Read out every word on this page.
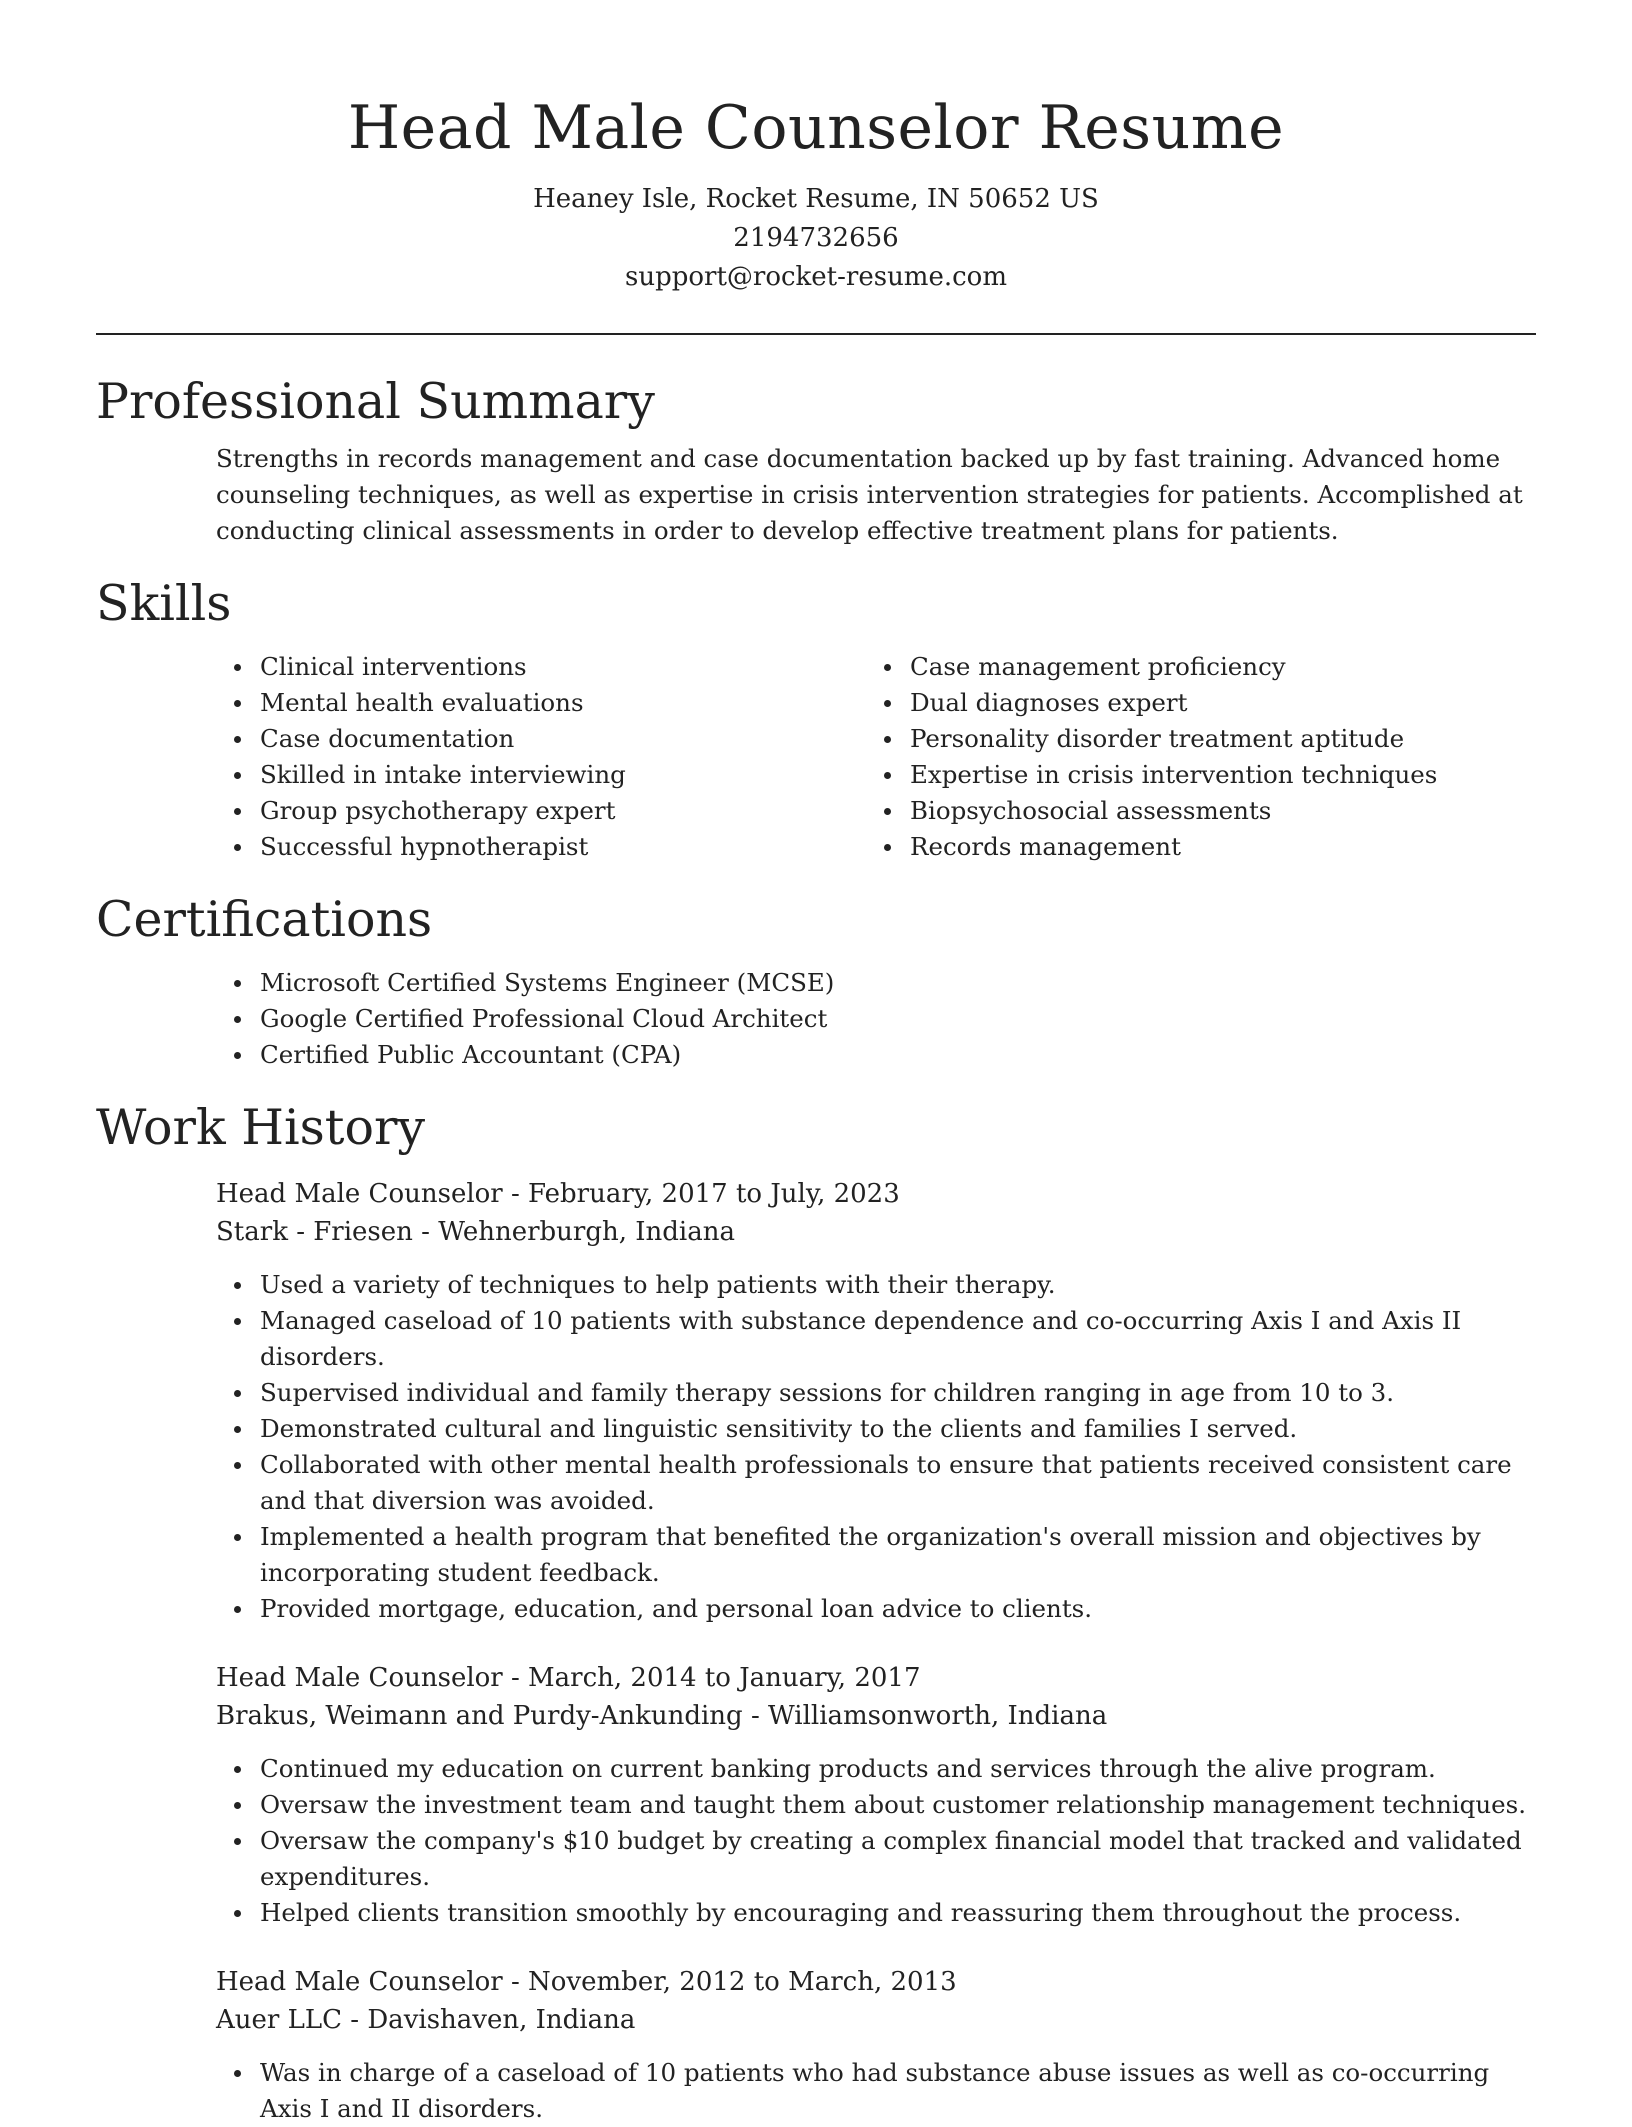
Head Male Counselor Resume

Heaney Isle, Rocket Resume, IN 50652 US

2194732656

support@rocket-resume.com

Professional Summary

Strengths in records management and case documentation backed up by fast training. Advanced home counseling techniques, as well as expertise in crisis intervention strategies for patients. Accomplished at conducting clinical assessments in order to develop effective treatment plans for patients.

Skills
Clinical interventions
Mental health evaluations
Case documentation
Skilled in intake interviewing
Group psychotherapy expert
Successful hypnotherapist
Case management proficiency
Dual diagnoses expert
Personality disorder treatment aptitude
Expertise in crisis intervention techniques
Biopsychosocial assessments
Records management
Certifications
Microsoft Certified Systems Engineer (MCSE)
Google Certified Professional Cloud Architect
Certified Public Accountant (CPA)
Work History

Head Male Counselor - February, 2017 to July, 2023

Stark - Friesen - Wehnerburgh, Indiana

Used a variety of techniques to help patients with their therapy.
Managed caseload of 10 patients with substance dependence and co-occurring Axis I and Axis II disorders.
Supervised individual and family therapy sessions for children ranging in age from 10 to 3.
Demonstrated cultural and linguistic sensitivity to the clients and families I served.
Collaborated with other mental health professionals to ensure that patients received consistent care and that diversion was avoided.
Implemented a health program that benefited the organization's overall mission and objectives by incorporating student feedback.
Provided mortgage, education, and personal loan advice to clients.

Head Male Counselor - March, 2014 to January, 2017

Brakus, Weimann and Purdy-Ankunding - Williamsonworth, Indiana

Continued my education on current banking products and services through the alive program.
Oversaw the investment team and taught them about customer relationship management techniques.
Oversaw the company's $10 budget by creating a complex financial model that tracked and validated expenditures.
Helped clients transition smoothly by encouraging and reassuring them throughout the process.

Head Male Counselor - November, 2012 to March, 2013

Auer LLC - Davishaven, Indiana

Was in charge of a caseload of 10 patients who had substance abuse issues as well as co-occurring Axis I and II disorders.
